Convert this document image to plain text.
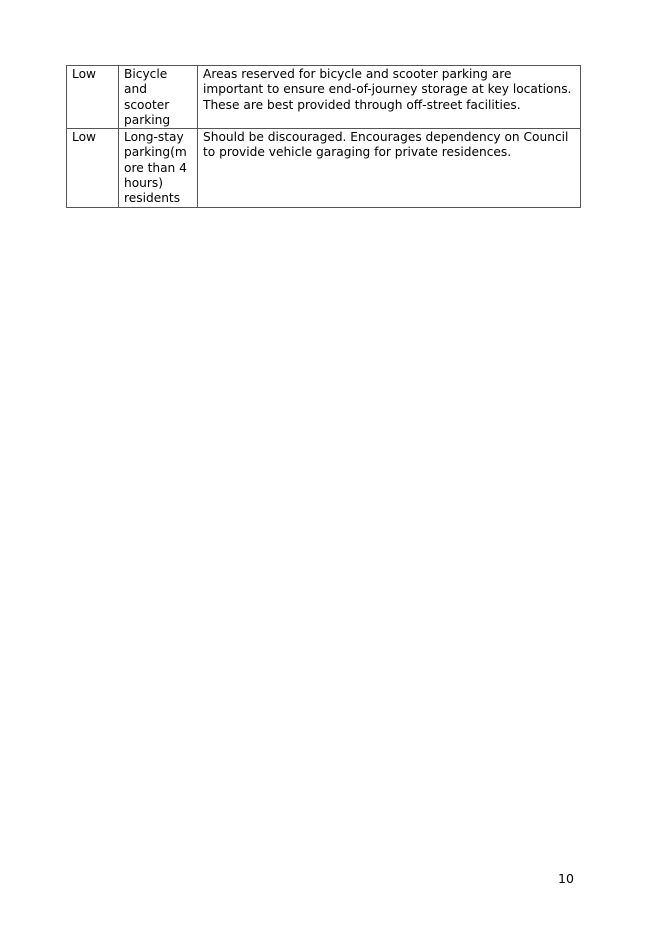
Low	Bicycle and scooter parking	Areas reserved for bicycle and scooter parking are important to ensure end-of-journey storage at key locations. These are best provided through off-street facilities.
Low	Long-stay parking(more than 4 hours) residents	Should be discouraged. Encourages dependency on Council to provide vehicle garaging for private residences.
10
